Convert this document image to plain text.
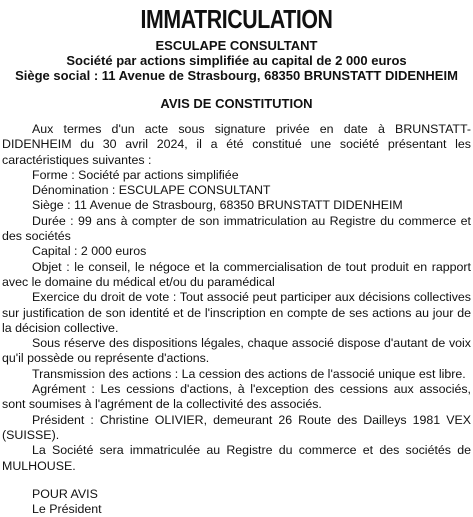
IMMATRICULATION
ESCULAPE CONSULTANT
Société par actions simplifiée au capital de 2 000 euros
Siège social : 11 Avenue de Strasbourg, 68350 BRUNSTATT DIDENHEIM
AVIS DE CONSTITUTION

Aux termes d'un acte sous signature privée en date à BRUNSTATT-DIDENHEIM du 30 avril 2024, il a été constitué une société présentant les caractéristiques suivantes :

Forme : Société par actions simplifiée

Dénomination : ESCULAPE CONSULTANT

Siège : 11 Avenue de Strasbourg, 68350 BRUNSTATT DIDENHEIM

Durée : 99 ans à compter de son immatriculation au Registre du commerce et des sociétés

Capital : 2 000 euros

Objet : le conseil, le négoce et la commercialisation de tout produit en rapport avec le domaine du médical et/ou du paramédical

Exercice du droit de vote : Tout associé peut participer aux décisions collectives sur justification de son identité et de l'inscription en compte de ses actions au jour de la décision collective.

Sous réserve des dispositions légales, chaque associé dispose d'autant de voix qu'il possède ou représente d'actions.

Transmission des actions : La cession des actions de l'associé unique est libre.

Agrément : Les cessions d'actions, à l'exception des cessions aux associés, sont soumises à l'agrément de la collectivité des associés.

Président : Christine OLIVIER, demeurant 26 Route des Dailleys 1981 VEX (SUISSE).

La Société sera immatriculée au Registre du commerce et des sociétés de MULHOUSE.

POUR AVIS
Le Président
